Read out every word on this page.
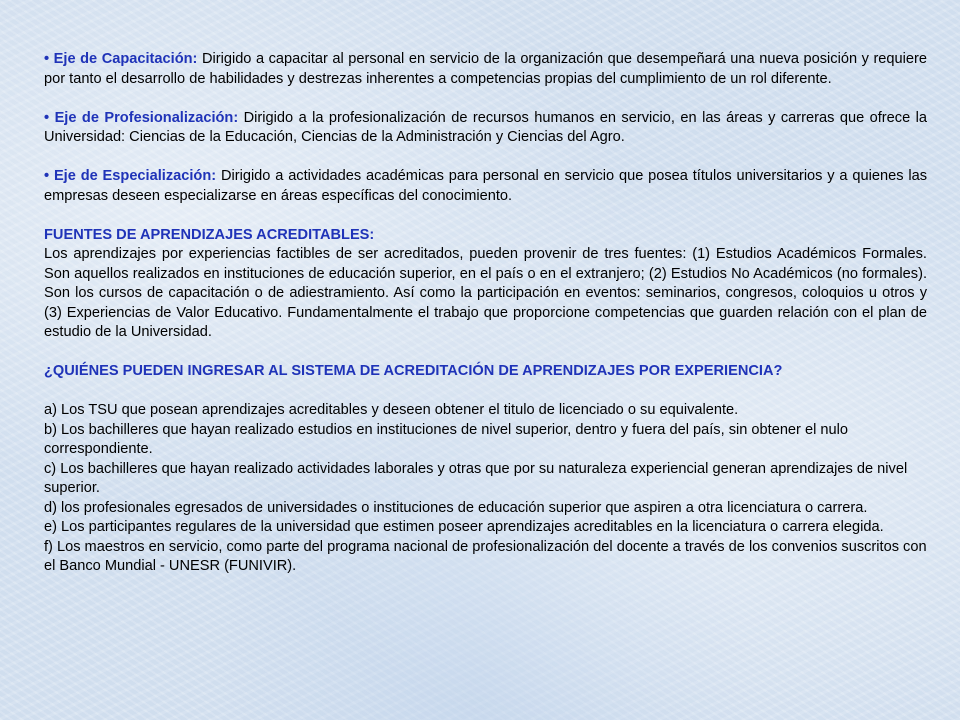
• Eje de Capacitación: Dirigido a capacitar al personal en servicio de la organización que desempeñará una nueva posición y requiere por tanto el desarrollo de habilidades y destrezas inherentes a competencias propias del cumplimiento de un rol diferente.

• Eje de Profesionalización: Dirigido a la profesionalización de recursos humanos en servicio, en las áreas y carreras que ofrece la Universidad: Ciencias de la Educación, Ciencias de la Administración y Ciencias del Agro.

• Eje de Especialización: Dirigido a actividades académicas para personal en servicio que posea títulos universitarios y a quienes las empresas deseen especializarse en áreas específicas del conocimiento.

FUENTES DE APRENDIZAJES ACREDITABLES:

Los aprendizajes por experiencias factibles de ser acreditados, pueden provenir de tres fuentes: (1) Estudios Académicos Formales. Son aquellos realizados en instituciones de educación superior, en el país o en el extranjero; (2) Estudios No Académicos (no formales). Son los cursos de capacitación o de adiestramiento. Así como la participación en eventos: seminarios, congresos, coloquios u otros y (3) Experiencias de Valor Educativo. Fundamentalmente el trabajo que proporcione competencias que guarden relación con el plan de estudio de la Universidad.

¿QUIÉNES PUEDEN INGRESAR AL SISTEMA DE ACREDITACIÓN DE APRENDIZAJES POR EXPERIENCIA?

a) Los TSU que posean aprendizajes acreditables y deseen obtener el titulo de licenciado o su equivalente.

b) Los bachilleres que hayan realizado estudios en instituciones de nivel superior, dentro y fuera del país, sin obtener el nulo correspondiente.

c) Los bachilleres que hayan realizado actividades laborales y otras que por su naturaleza experiencial generan aprendizajes de nivel superior.

d) los profesionales egresados de universidades o instituciones de educación superior que aspiren a otra licenciatura o carrera.

e) Los participantes regulares de la universidad que estimen poseer aprendizajes acreditables en la licenciatura o carrera elegida.

f) Los maestros en servicio, como parte del programa nacional de profesionalización del docente a través de los convenios suscritos con el Banco Mundial - UNESR (FUNIVIR).
